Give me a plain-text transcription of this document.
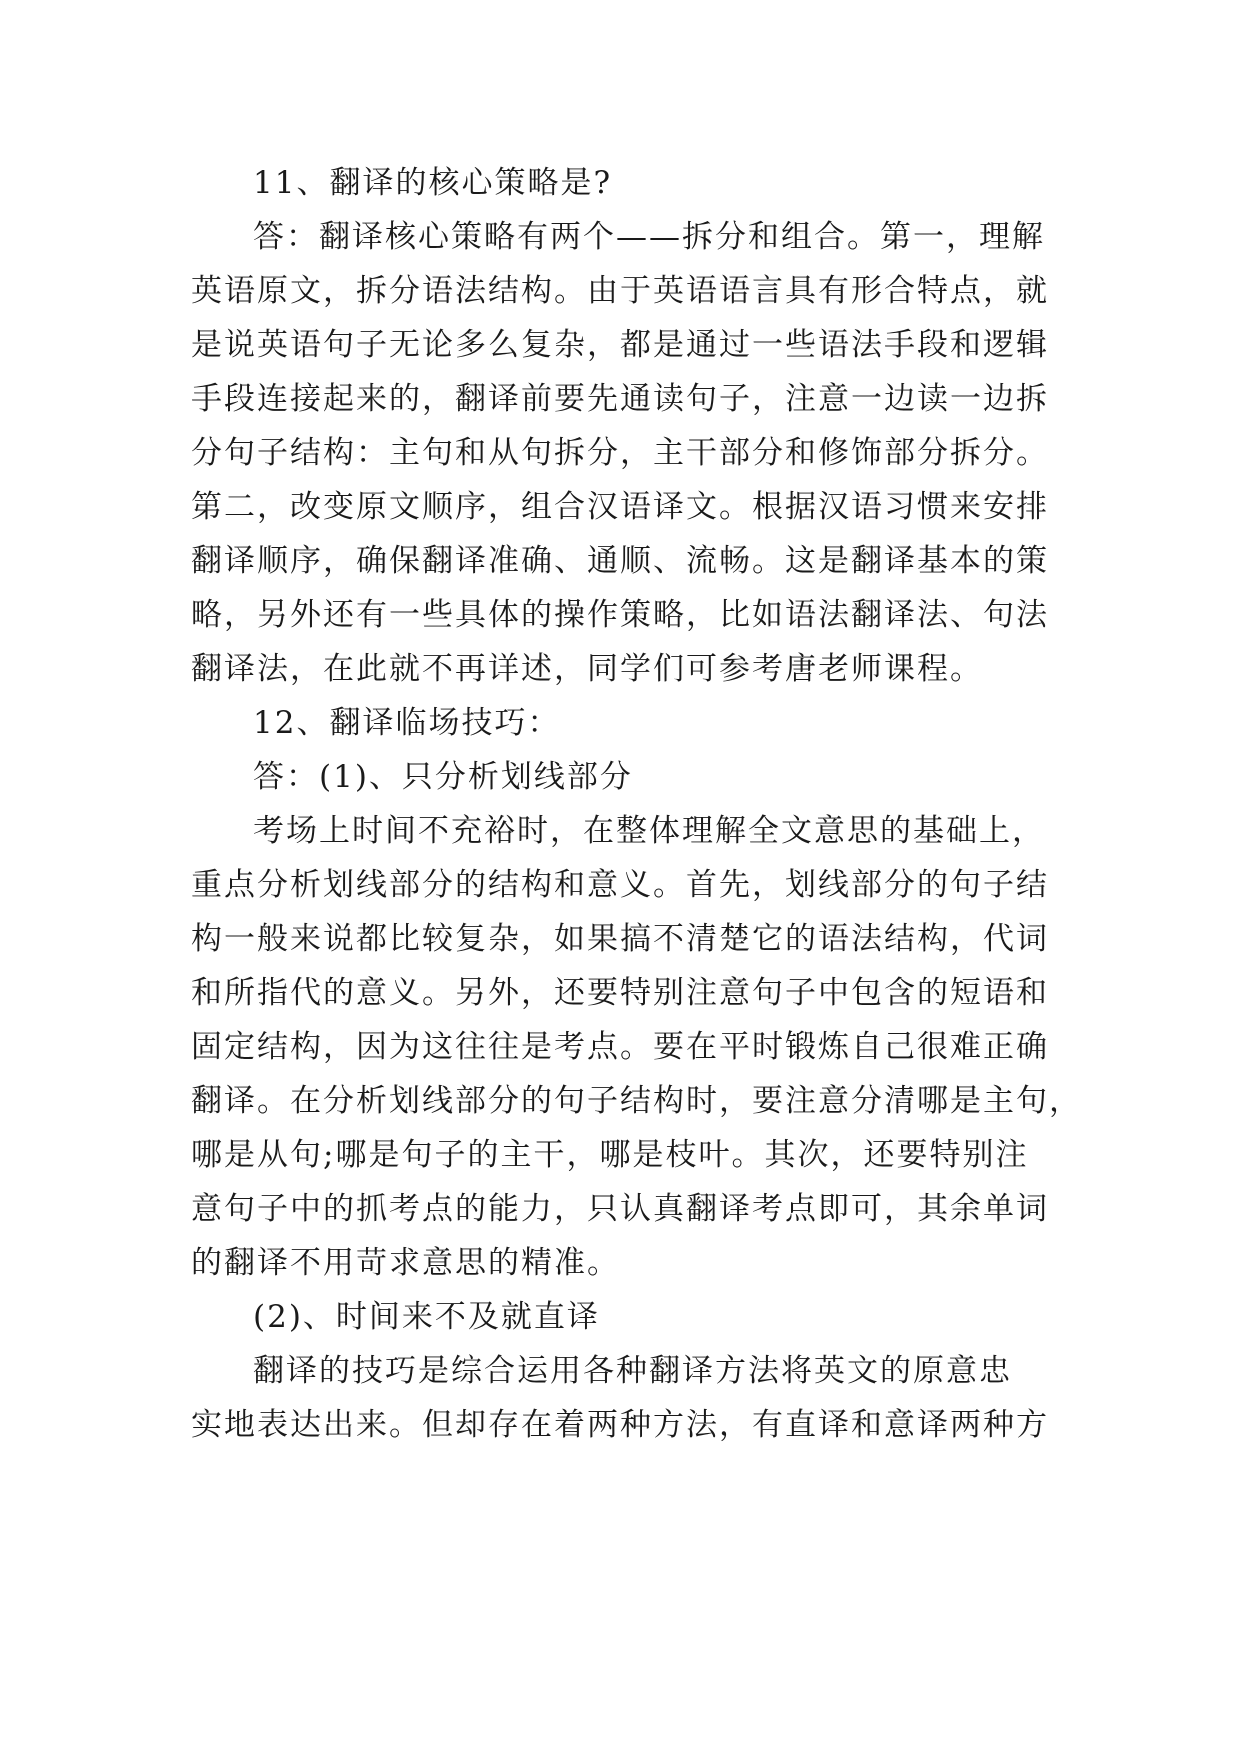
11、翻译的核心策略是?
答：翻译核心策略有两个——拆分和组合。第一，理解
英语原文，拆分语法结构。由于英语语言具有形合特点，就
是说英语句子无论多么复杂，都是通过一些语法手段和逻辑
手段连接起来的，翻译前要先通读句子，注意一边读一边拆
分句子结构：主句和从句拆分，主干部分和修饰部分拆分。
第二，改变原文顺序，组合汉语译文。根据汉语习惯来安排
翻译顺序，确保翻译准确、通顺、流畅。这是翻译基本的策
略，另外还有一些具体的操作策略，比如语法翻译法、句法
翻译法，在此就不再详述，同学们可参考唐老师课程。
12、翻译临场技巧：
答：(1)、只分析划线部分
考场上时间不充裕时，在整体理解全文意思的基础上，
重点分析划线部分的结构和意义。首先，划线部分的句子结
构一般来说都比较复杂，如果搞不清楚它的语法结构，代词
和所指代的意义。另外，还要特别注意句子中包含的短语和
固定结构，因为这往往是考点。要在平时锻炼自己很难正确
翻译。在分析划线部分的句子结构时，要注意分清哪是主句，
哪是从句;哪是句子的主干，哪是枝叶。其次，还要特别注
意句子中的抓考点的能力，只认真翻译考点即可，其余单词
的翻译不用苛求意思的精准。
(2)、时间来不及就直译
翻译的技巧是综合运用各种翻译方法将英文的原意忠
实地表达出来。但却存在着两种方法，有直译和意译两种方
